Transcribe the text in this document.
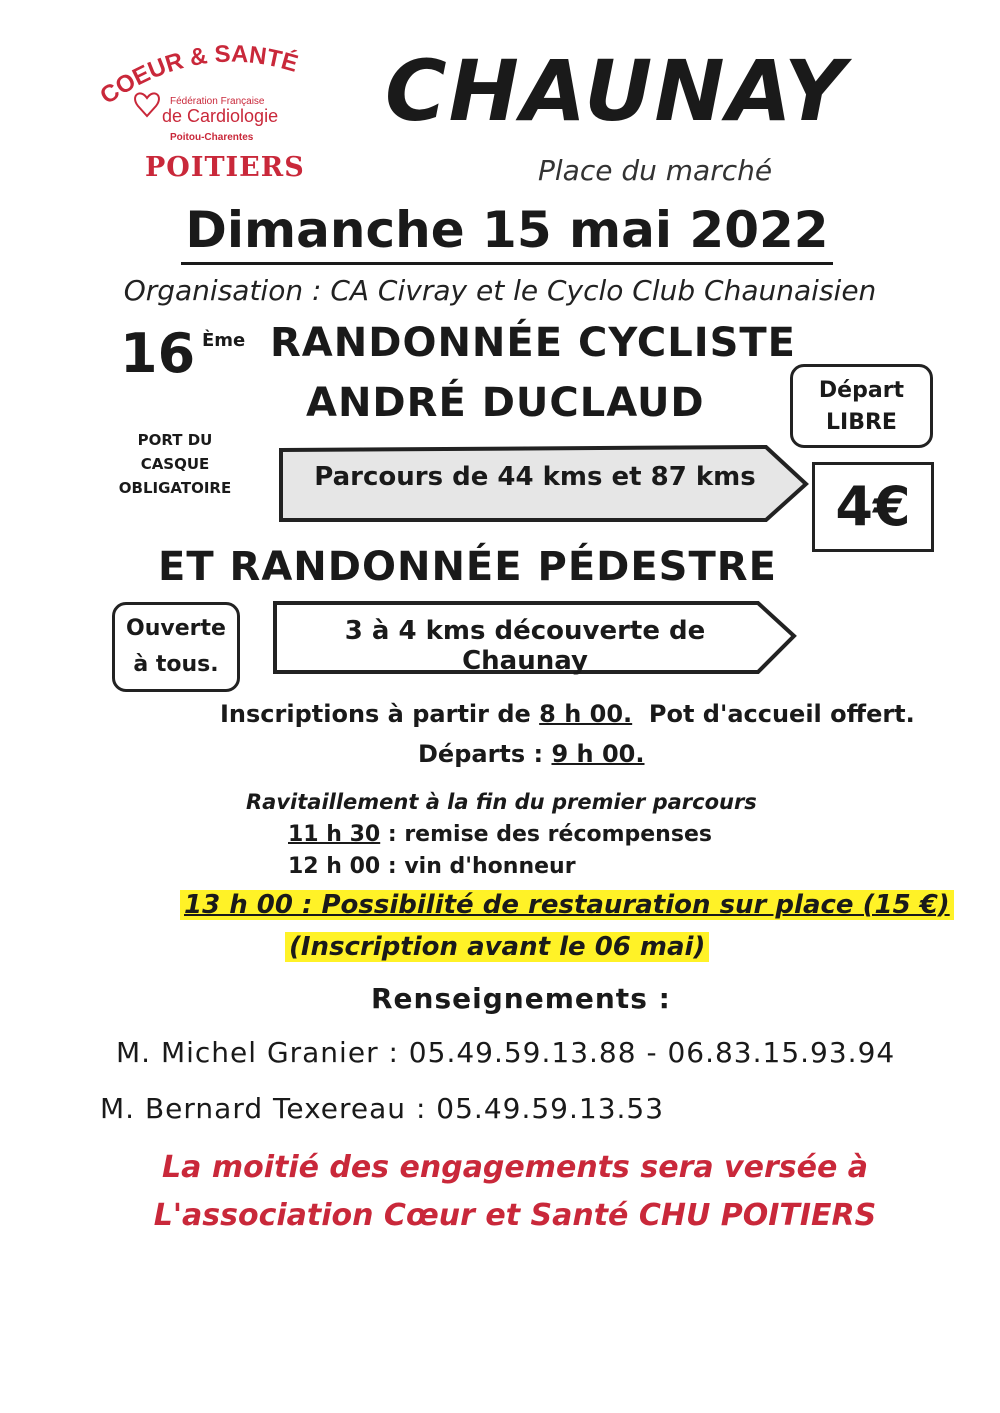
COEUR & SANTÉ
Fédération Française
de Cardiologie
Poitou-Charentes
POITIERS
CHAUNAY
Place du marché
Dimanche 15 mai 2022
Organisation : CA Civray et le Cyclo Club Chaunaisien
16 Ème RANDONNÉE CYCLISTE
ANDRÉ DUCLAUD	Départ
LIBRE
PORT DU
CASQUE
OBLIGATOIRE	Parcours de 44 kms et 87 kms	4€
ET RANDONNÉE PÉDESTRE
Ouverte
à tous.
3 à 4 kms découverte de Chaunay
Inscriptions à partir de 8 h 00.  Pot d'accueil offert.
Départs : 9 h 00.
Ravitaillement à la fin du premier parcours
11 h 30 : remise des récompenses
12 h 00 : vin d'honneur
13 h 00 : Possibilité de restauration sur place (15 €)
(Inscription avant le 06 mai)
Renseignements :
M. Michel Granier : 05.49.59.13.88 - 06.83.15.93.94
M. Bernard Texereau : 05.49.59.13.53
La moitié des engagements sera versée à
L'association Cœur et Santé CHU POITIERS
